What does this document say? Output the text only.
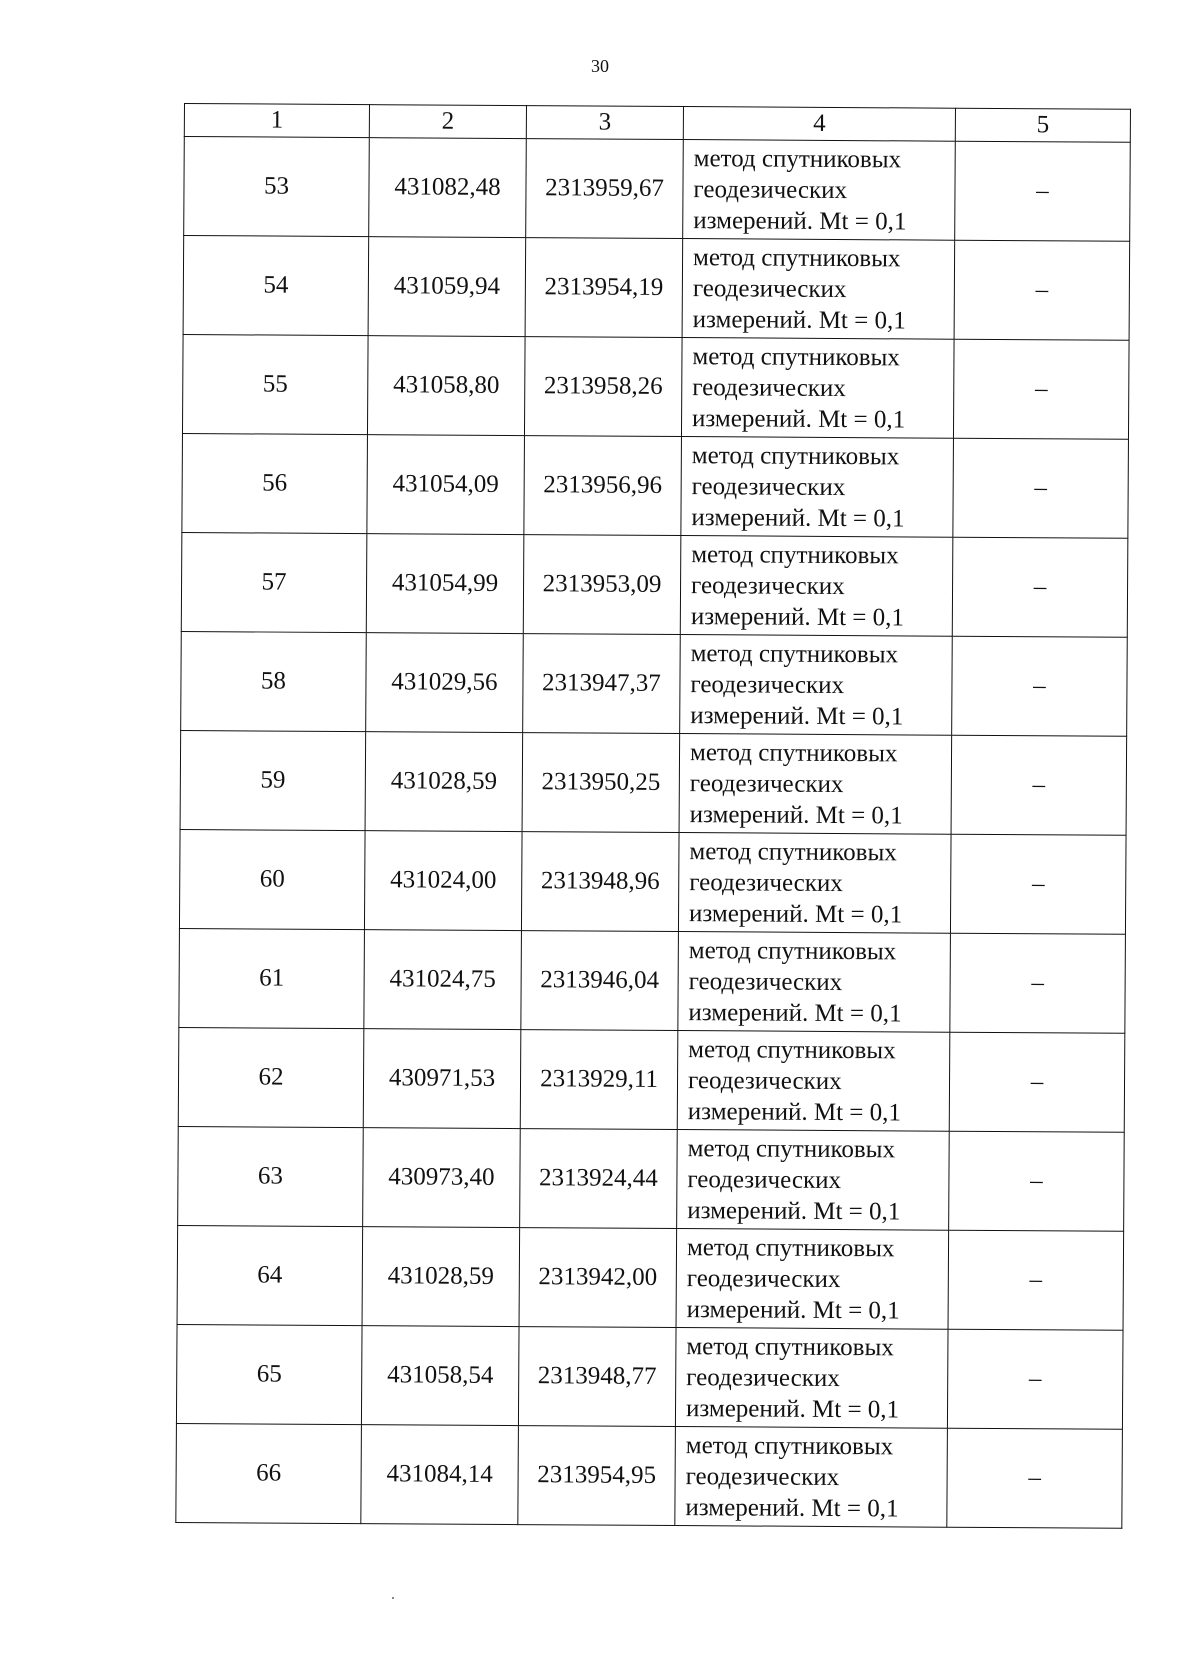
30
1	2	3	4	5
53	431082,48	2313959,67	метод спутниковых
геодезических
измерений. Mt = 0,1	–
54	431059,94	2313954,19	метод спутниковых
геодезических
измерений. Mt = 0,1	–
55	431058,80	2313958,26	метод спутниковых
геодезических
измерений. Mt = 0,1	–
56	431054,09	2313956,96	метод спутниковых
геодезических
измерений. Mt = 0,1	–
57	431054,99	2313953,09	метод спутниковых
геодезических
измерений. Mt = 0,1	–
58	431029,56	2313947,37	метод спутниковых
геодезических
измерений. Mt = 0,1	–
59	431028,59	2313950,25	метод спутниковых
геодезических
измерений. Mt = 0,1	–
60	431024,00	2313948,96	метод спутниковых
геодезических
измерений. Mt = 0,1	–
61	431024,75	2313946,04	метод спутниковых
геодезических
измерений. Mt = 0,1	–
62	430971,53	2313929,11	метод спутниковых
геодезических
измерений. Mt = 0,1	–
63	430973,40	2313924,44	метод спутниковых
геодезических
измерений. Mt = 0,1	–
64	431028,59	2313942,00	метод спутниковых
геодезических
измерений. Mt = 0,1	–
65	431058,54	2313948,77	метод спутниковых
геодезических
измерений. Mt = 0,1	–
66	431084,14	2313954,95	метод спутниковых
геодезических
измерений. Mt = 0,1	–
